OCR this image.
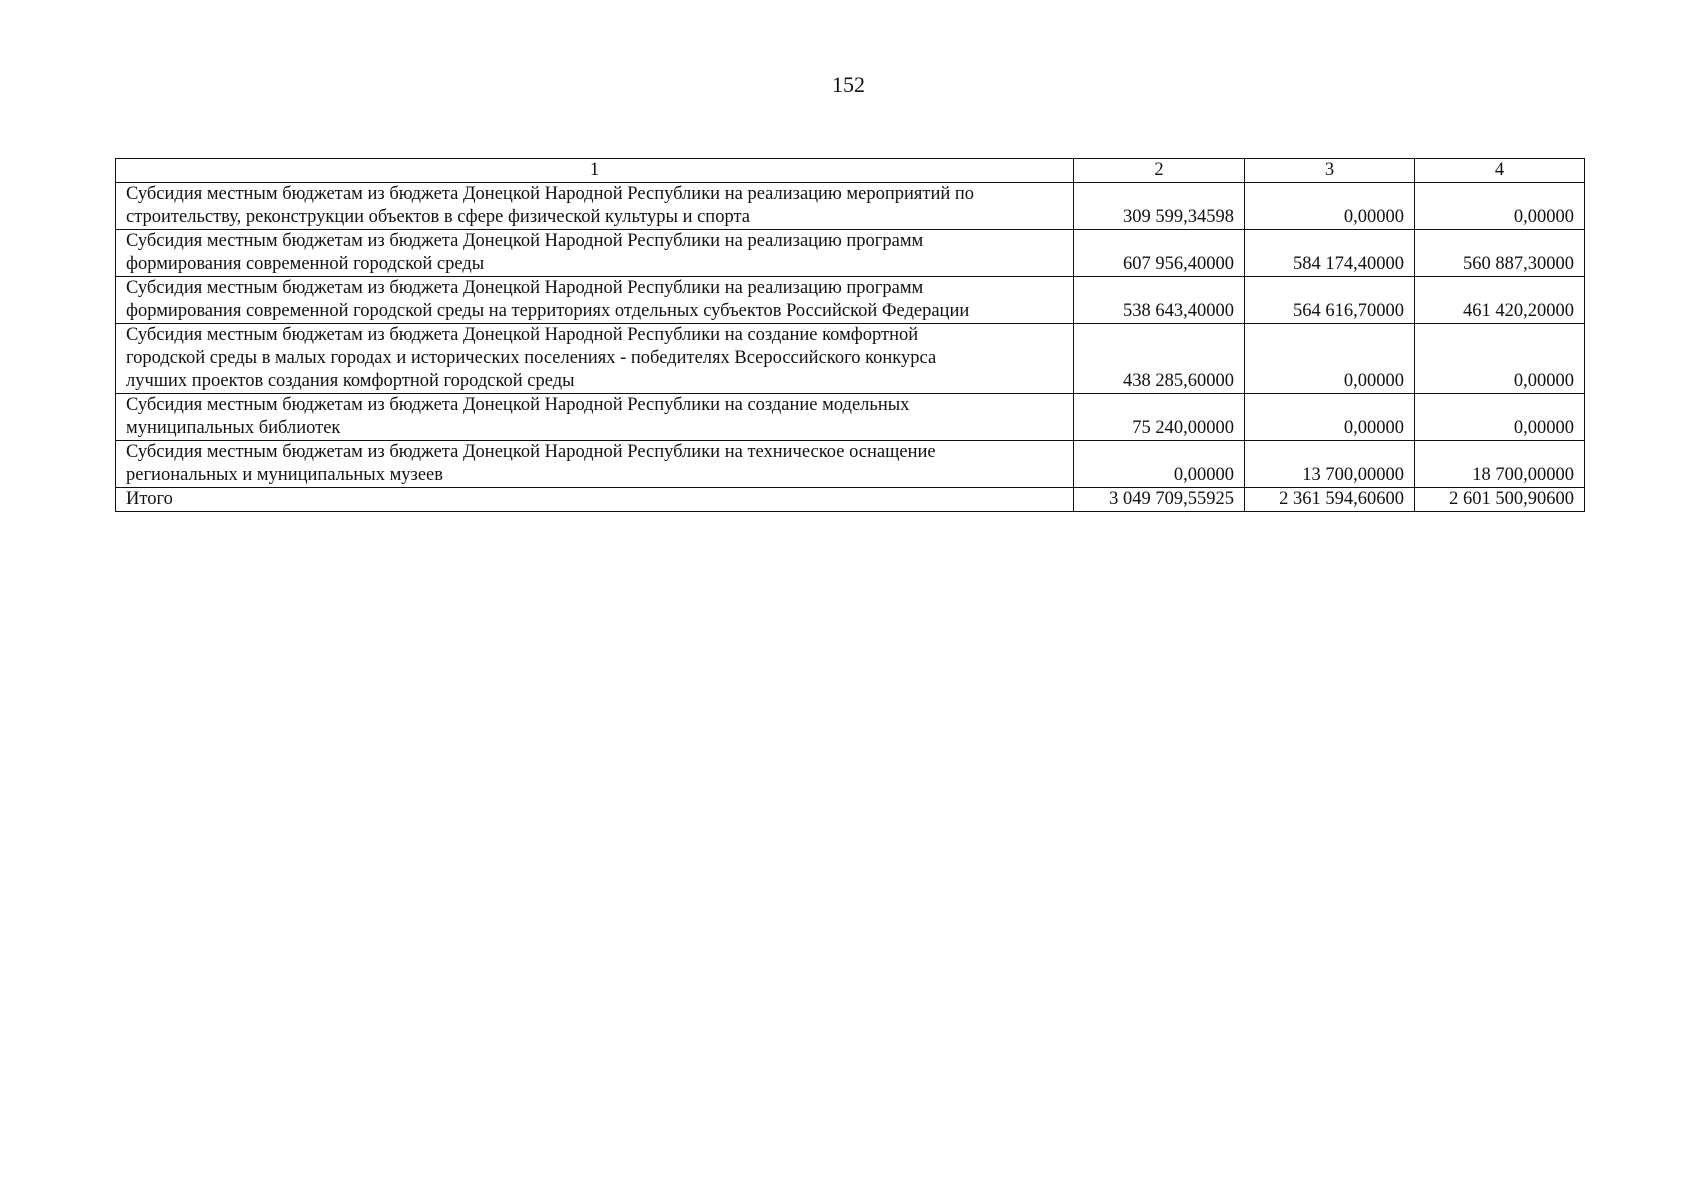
152
1	2	3	4
Субсидия местным бюджетам из бюджета Донецкой Народной Республики на реализацию мероприятий по
строительству, реконструкции объектов в сфере физической культуры и спорта	309 599,34598	0,00000	0,00000
Субсидия местным бюджетам из бюджета Донецкой Народной Республики на реализацию программ
формирования современной городской среды	607 956,40000	584 174,40000	560 887,30000
Субсидия местным бюджетам из бюджета Донецкой Народной Республики на реализацию программ
формирования современной городской среды на территориях отдельных субъектов Российской Федерации	538 643,40000	564 616,70000	461 420,20000
Субсидия местным бюджетам из бюджета Донецкой Народной Республики на создание комфортной
городской среды в малых городах и исторических поселениях - победителях Всероссийского конкурса
лучших проектов создания комфортной городской среды	438 285,60000	0,00000	0,00000
Субсидия местным бюджетам из бюджета Донецкой Народной Республики на создание модельных
муниципальных библиотек	75 240,00000	0,00000	0,00000
Субсидия местным бюджетам из бюджета Донецкой Народной Республики на техническое оснащение
региональных и муниципальных музеев	0,00000	13 700,00000	18 700,00000
Итого	3 049 709,55925	2 361 594,60600	2 601 500,90600
